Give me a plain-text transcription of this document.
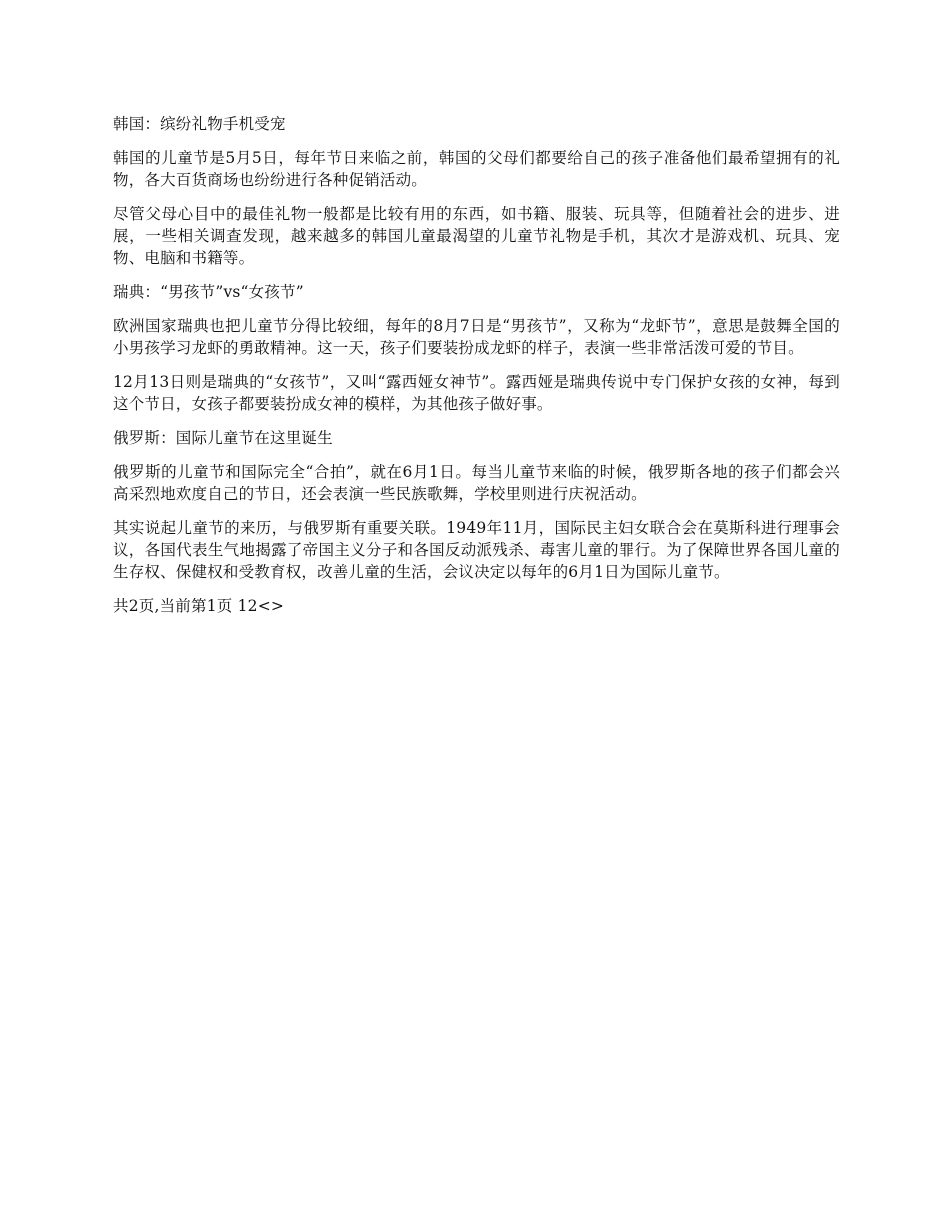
韩国：缤纷礼物手机受宠

韩国的儿童节是5月5日，每年节日来临之前，韩国的父母们都要给自己的孩子准备他们最希望拥有的礼物，各大百货商场也纷纷进行各种促销活动。

尽管父母心目中的最佳礼物一般都是比较有用的东西，如书籍、服装、玩具等，但随着社会的进步、进展，一些相关调查发现，越来越多的韩国儿童最渴望的儿童节礼物是手机，其次才是游戏机、玩具、宠物、电脑和书籍等。

瑞典：“男孩节”vs“女孩节”

欧洲国家瑞典也把儿童节分得比较细，每年的8月7日是“男孩节”，又称为“龙虾节”，意思是鼓舞全国的小男孩学习龙虾的勇敢精神。这一天，孩子们要装扮成龙虾的样子，表演一些非常活泼可爱的节目。

12月13日则是瑞典的“女孩节”，又叫“露西娅女神节”。露西娅是瑞典传说中专门保护女孩的女神，每到这个节日，女孩子都要装扮成女神的模样，为其他孩子做好事。

俄罗斯：国际儿童节在这里诞生

俄罗斯的儿童节和国际完全“合拍”，就在6月1日。每当儿童节来临的时候，俄罗斯各地的孩子们都会兴高采烈地欢度自己的节日，还会表演一些民族歌舞，学校里则进行庆祝活动。

其实说起儿童节的来历，与俄罗斯有重要关联。1949年11月，国际民主妇女联合会在莫斯科进行理事会议，各国代表生气地揭露了帝国主义分子和各国反动派残杀、毒害儿童的罪行。为了保障世界各国儿童的生存权、保健权和受教育权，改善儿童的生活，会议决定以每年的6月1日为国际儿童节。

共2页,当前第1页 12<>
